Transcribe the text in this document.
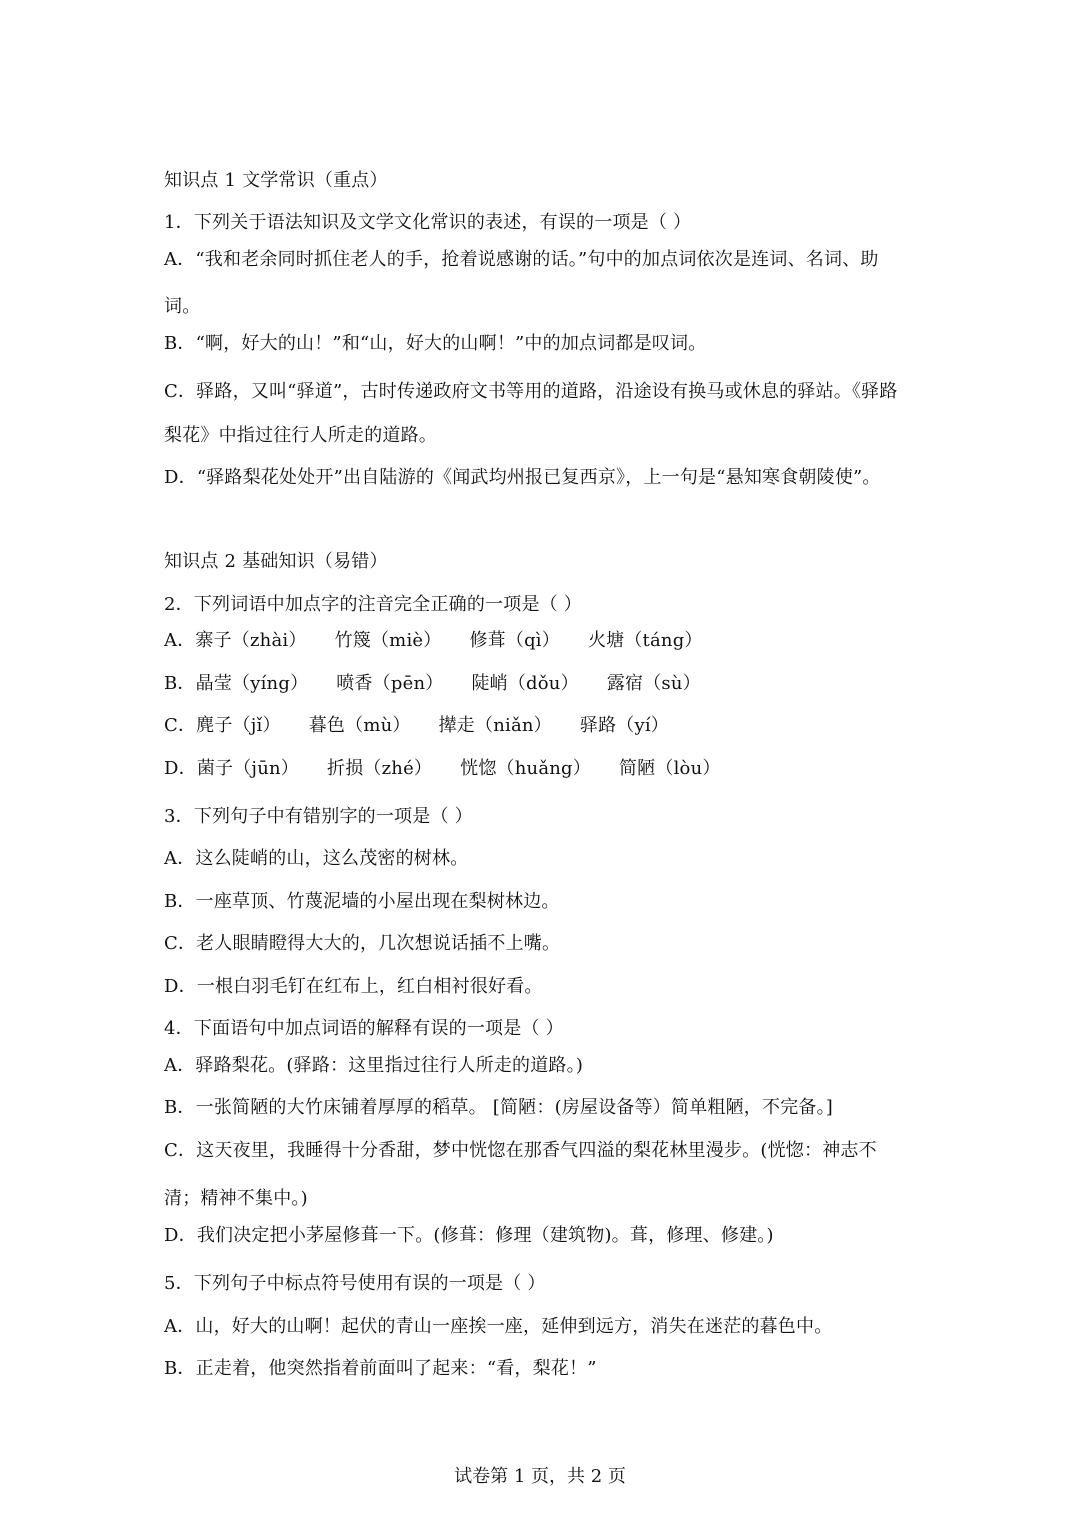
知识点 1 文学常识（重点）
1．下列关于语法知识及文学文化常识的表述，有误的一项是（ ）
A．“我和老余同时抓住老人的手，抢着说感谢的话。”句中的加点词依次是连词、名词、助
词。
B．“啊，好大的山！”和“山，好大的山啊！”中的加点词都是叹词。
C．驿路，又叫“驿道”，古时传递政府文书等用的道路，沿途设有换马或休息的驿站。《驿路
梨花》中指过往行人所走的道路。
D．“驿路梨花处处开”出自陆游的《闻武均州报已复西京》，上一句是“悬知寒食朝陵使”。
知识点 2 基础知识（易错）
2．下列词语中加点字的注音完全正确的一项是（ ）
A．寨子（zhài） 竹篾（miè） 修葺（qì） 火塘（táng）
B．晶莹（yíng） 喷香（pēn） 陡峭（dǒu） 露宿（sù）
C．麂子（jǐ） 暮色（mù） 撵走（niǎn） 驿路（yí）
D．菌子（jūn） 折损（zhé） 恍惚（huǎng） 简陋（lòu）
3．下列句子中有错别字的一项是（ ）
A．这么陡峭的山，这么茂密的树林。
B．一座草顶、竹蔑泥墙的小屋出现在梨树林边。
C．老人眼睛瞪得大大的，几次想说话插不上嘴。
D．一根白羽毛钉在红布上，红白相衬很好看。
4．下面语句中加点词语的解释有误的一项是（ ）
A．驿路梨花。(驿路：这里指过往行人所走的道路。)
B．一张简陋的大竹床铺着厚厚的稻草。 [简陋：(房屋设备等）简单粗陋，不完备。]
C．这天夜里，我睡得十分香甜，梦中恍惚在那香气四溢的梨花林里漫步。(恍惚：神志不
清；精神不集中。)
D．我们决定把小茅屋修葺一下。(修葺：修理（建筑物)。葺，修理、修建。)
5．下列句子中标点符号使用有误的一项是（ ）
A．山，好大的山啊！起伏的青山一座挨一座，延伸到远方，消失在迷茫的暮色中。
B．正走着，他突然指着前面叫了起来：“看，梨花！”
试卷第 1 页，共 2 页
